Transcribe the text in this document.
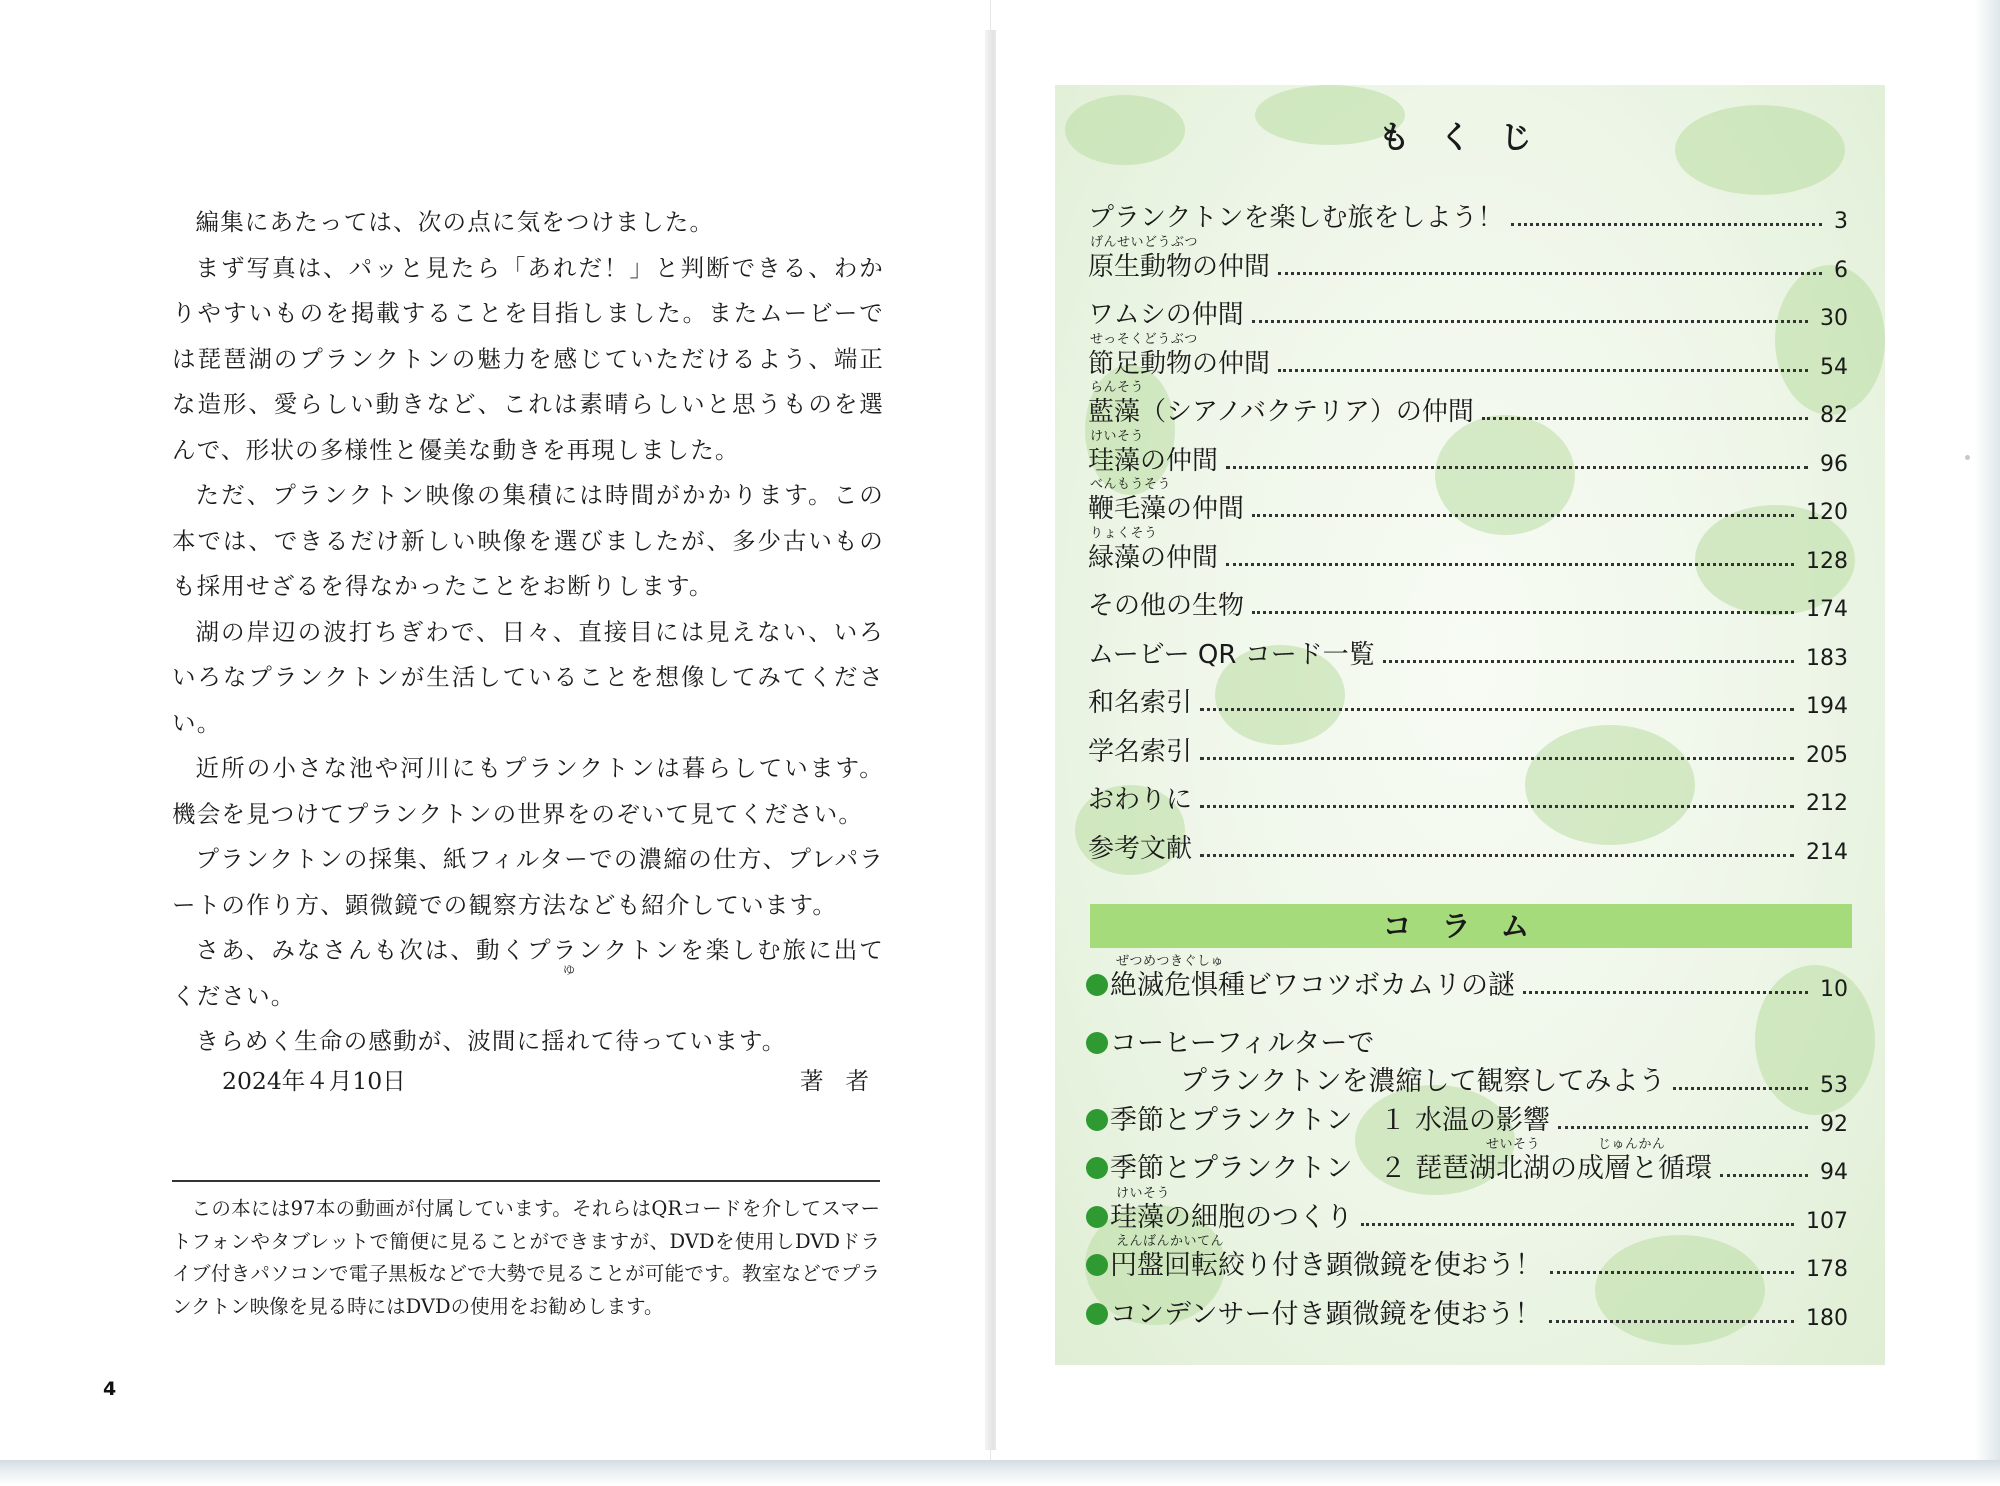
編集にあたっては、次の点に気をつけました。

まず写真は、パッと見たら「あれだ！」と判断できる、わかりやすいものを掲載することを目指しました。またムービーでは琵琶湖のプランクトンの魅力を感じていただけるよう、端正な造形、愛らしい動きなど、これは素晴らしいと思うものを選んで、形状の多様性と優美な動きを再現しました。

ただ、プランクトン映像の集積には時間がかかります。この本では、できるだけ新しい映像を選びましたが、多少古いものも採用せざるを得なかったことをお断りします。

湖の岸辺の波打ちぎわで、日々、直接目には見えない、いろいろなプランクトンが生活していることを想像してみてください。

近所の小さな池や河川にもプランクトンは暮らしています。機会を見つけてプランクトンの世界をのぞいて見てください。

プランクトンの採集、紙フィルターでの濃縮の仕方、プレパラートの作り方、顕微鏡での観察方法なども紹介しています。

さあ、みなさんも次は、動くプランクトンを楽しむ旅に出てください。

きらめく生命の感動が、波間に揺れて待っています。

ゆ
2024年４月10日	著者

この本には97本の動画が付属しています。それらはQRコードを介してスマートフォンやタブレットで簡便に見ることができますが、DVDを使用しDVDドライブ付きパソコンで電子黒板などで大勢で見ることが可能です。教室などでプランクトン映像を見る時にはDVDの使用をお勧めします。

4
もくじ
プランクトンを楽しむ旅をしよう！	3
原生動物の仲間	6
げんせいどうぶつ
ワムシの仲間	30
節足動物の仲間	54
せっそくどうぶつ
藍藻（シアノバクテリア）の仲間	82
らんそう
珪藻の仲間	96
けいそう
鞭毛藻の仲間	120
べんもうそう
緑藻の仲間	128
りょくそう
その他の生物	174
ムービー QR コード一覧	183
和名索引	194
学名索引	205
おわりに	212
参考文献	214
コラム
絶滅危惧種ビワコツボカムリの謎	10
ぜつめつきぐしゅ
コーヒーフィルターで
プランクトンを濃縮して観察してみよう	53
季節とプランクトン　１ 水温の影響	92
季節とプランクトン　２ 琵琶湖北湖の成層と循環	94
せいそう	じゅんかん
珪藻の細胞のつくり	107
けいそう
円盤回転絞り付き顕微鏡を使おう！	178
えんばんかいてん
コンデンサー付き顕微鏡を使おう！	180
